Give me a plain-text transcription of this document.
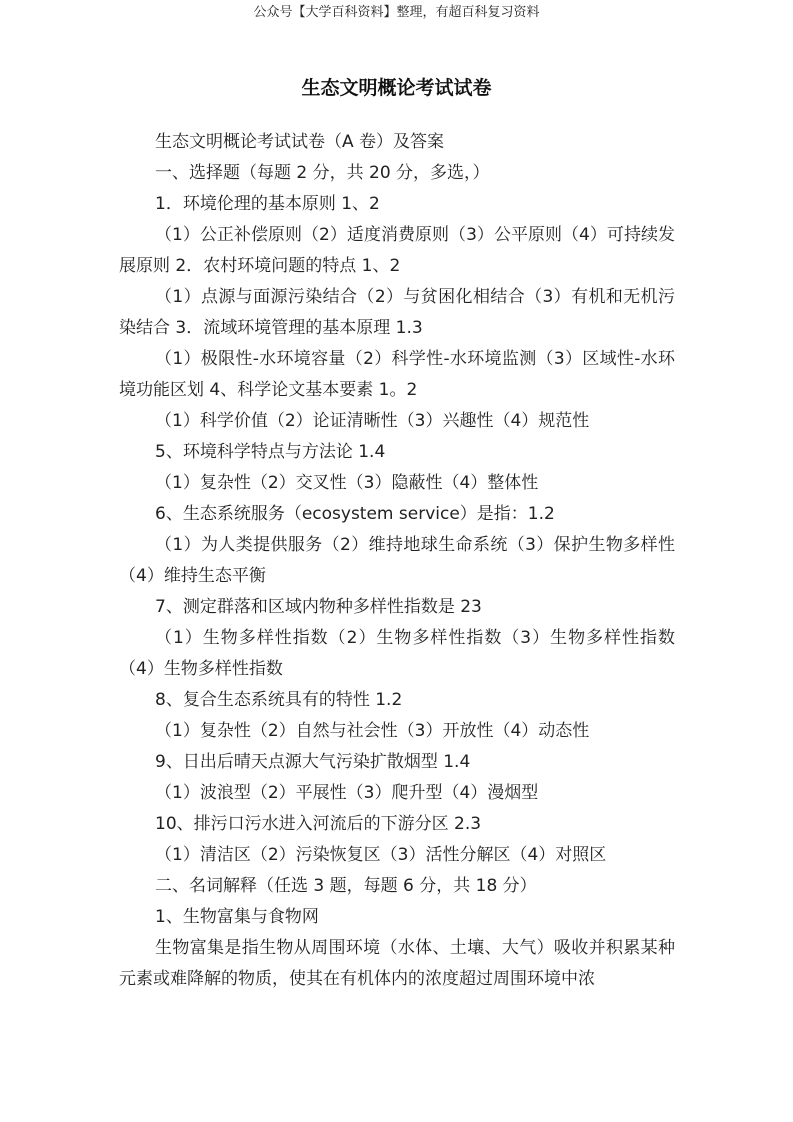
公众号【大学百科资料】整理，有超百科复习资料
生态文明概论考试试卷

生态文明概论考试试卷（A 卷）及答案

一、选择题（每题 2 分，共 20 分，多选，）

1．环境伦理的基本原则 1、2

（1）公正补偿原则（2）适度消费原则（3）公平原则（4）可持续发展原则 2．农村环境问题的特点 1、2

（1）点源与面源污染结合（2）与贫困化相结合（3）有机和无机污染结合 3．流域环境管理的基本原理 1.3

（1）极限性-水环境容量（2）科学性-水环境监测（3）区域性-水环境功能区划 4、科学论文基本要素 1。2

（1）科学价值（2）论证清晰性（3）兴趣性（4）规范性

5、环境科学特点与方法论 1.4

（1）复杂性（2）交叉性（3）隐蔽性（4）整体性

6、生态系统服务（ecosystem service）是指：1.2

（1）为人类提供服务（2）维持地球生命系统（3）保护生物多样性（4）维持生态平衡

7、测定群落和区域内物种多样性指数是 23

（1）生物多样性指数（2）生物多样性指数（3）生物多样性指数（4）生物多样性指数

8、复合生态系统具有的特性 1.2

（1）复杂性（2）自然与社会性（3）开放性（4）动态性

9、日出后晴天点源大气污染扩散烟型 1.4

（1）波浪型（2）平展性（3）爬升型（4）漫烟型

10、排污口污水进入河流后的下游分区 2.3

（1）清洁区（2）污染恢复区（3）活性分解区（4）对照区

二、名词解释（任选 3 题，每题 6 分，共 18 分）

1、生物富集与食物网

生物富集是指生物从周围环境（水体、土壤、大气）吸收并积累某种元素或难降解的物质，使其在有机体内的浓度超过周围环境中浓
